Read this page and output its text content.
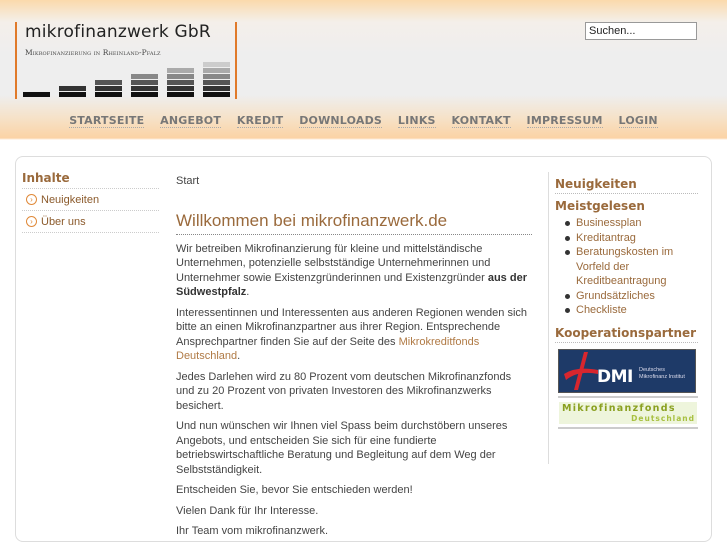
mikrofinanzwerk GbR
Mikrofinanzierung in Rheinland-Pfalz
Suchen...
STARTSEITE ANGEBOT KREDIT DOWNLOADS LINKS KONTAKT IMPRESSUM LOGIN
Inhalte
› Neuigkeiten
› Über uns
Start
Willkommen bei mikrofinanzwerk.de

Wir betreiben Mikrofinanzierung für kleine und mittelständische Unternehmen, potenzielle selbstständige Unternehmerinnen und Unternehmer sowie Existenzgründerinnen und Existenzgründer aus der Südwestpfalz.

Interessentinnen und Interessenten aus anderen Regionen wenden sich bitte an einen Mikrofinanzpartner aus ihrer Region. Entsprechende Ansprechpartner finden Sie auf der Seite des Mikrokreditfonds Deutschland.

Jedes Darlehen wird zu 80 Prozent vom deutschen Mikrofinanzfonds und zu 20 Prozent von privaten Investoren des Mikrofinanzwerks besichert.

Und nun wünschen wir Ihnen viel Spass beim durchstöbern unseres Angebots, und entscheiden Sie sich für eine fundierte betriebswirtschaftliche Beratung und Begleitung auf dem Weg der Selbstständigkeit.

Entscheiden Sie, bevor Sie entschieden werden!

Vielen Dank für Ihr Interesse.

Ihr Team vom mikrofinanzwerk.

Neuigkeiten
Meistgelesen
Businessplan
Kreditantrag
Beratungskosten im Vorfeld der Kreditbeantragung
Grundsätzliches
Checkliste
Kooperationspartner
DMI Deutsches
Mikrofinanz Institut
Mikrofinanzfonds
Deutschland
